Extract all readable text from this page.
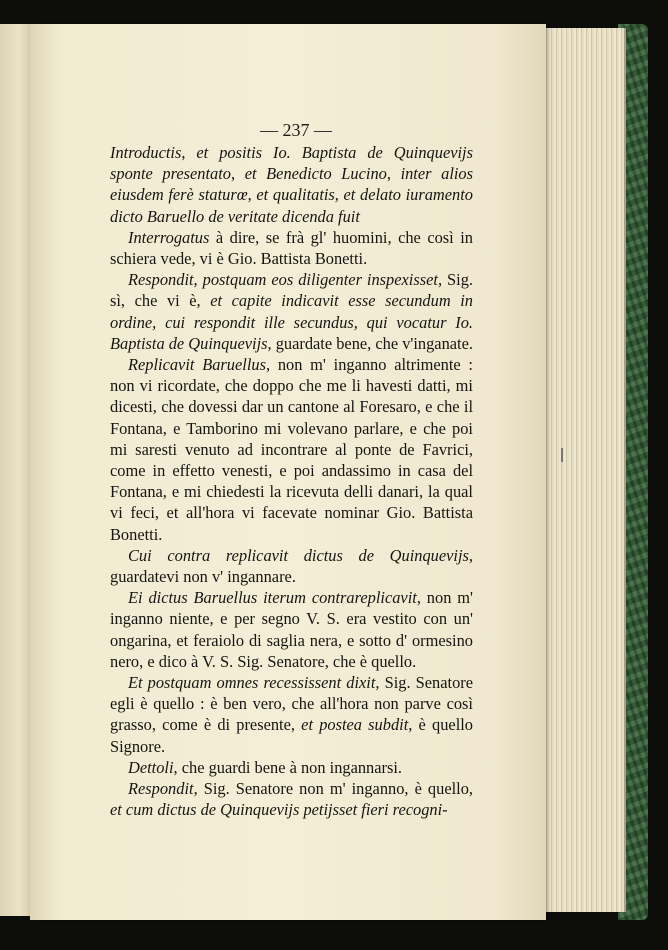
— 237 —

Introductis, et positis Io. Baptista de Quinquevijs sponte presentato, et Benedicto Lucino, inter alios eiusdem ferè staturœ, et qualitatis, et delato iuramento dicto Baruello de veritate dicenda fuit

Interrogatus à dire, se frà gl' huomini, che così in schiera vede, vi è Gio. Battista Bonetti.

Respondit, postquam eos diligenter inspexisset, Sig. sì, che vi è, et capite indicavit esse secundum in ordine, cui respondit ille secundus, qui vocatur Io. Baptista de Quinquevijs, guardate bene, che v'inganate.

Replicavit Baruellus, non m' inganno altrimente : non vi ricordate, che doppo che me li havesti datti, mi dicesti, che dovessi dar un cantone al Foresaro, e che il Fontana, e Tamborino mi volevano parlare, e che poi mi saresti venuto ad incontrare al ponte de Favrici, come in effetto venesti, e poi andassimo in casa del Fontana, e mi chiedesti la ricevuta delli danari, la qual vi feci, et all'hora vi facevate nominar Gio. Battista Bonetti.

Cui contra replicavit dictus de Quinquevijs, guardatevi non v' ingannare.

Ei dictus Baruellus iterum contrareplicavit, non m' inganno niente, e per segno V. S. era vestito con un' ongarina, et feraiolo di saglia nera, e sotto d' ormesino nero, e dico à V. S. Sig. Senatore, che è quello.

Et postquam omnes recessissent dixit, Sig. Senatore egli è quello : è ben vero, che all'hora non parve così grasso, come è di presente, et postea subdit, è quello Signore.

Dettoli, che guardi bene à non ingannarsi.

Respondit, Sig. Senatore non m' inganno, è quello, et cum dictus de Quinquevijs petijsset fieri recogni-
